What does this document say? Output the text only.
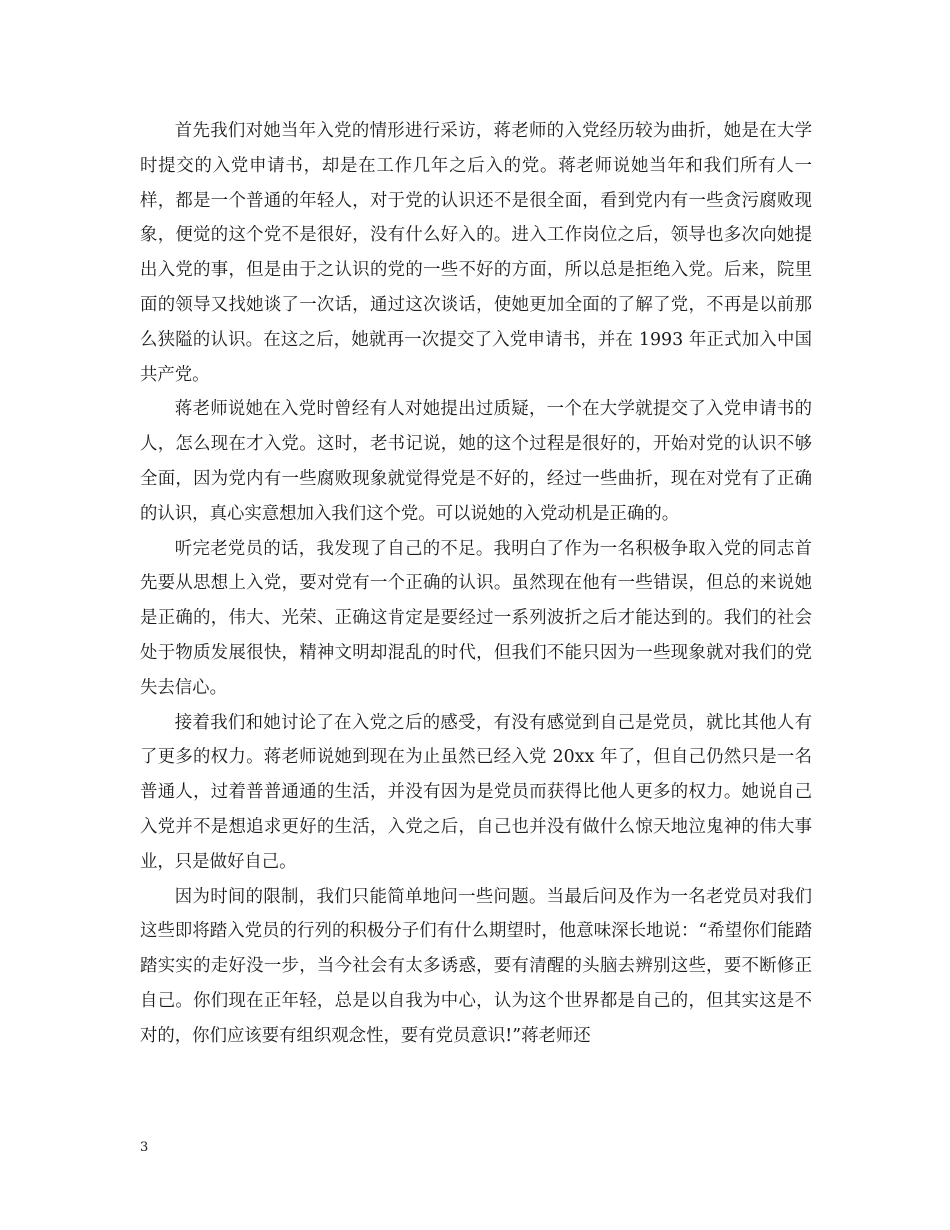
首先我们对她当年入党的情形进行采访，蒋老师的入党经历较为曲折，她是在大学时提交的入党申请书，却是在工作几年之后入的党。蒋老师说她当年和我们所有人一样，都是一个普通的年轻人，对于党的认识还不是很全面，看到党内有一些贪污腐败现象，便觉的这个党不是很好，没有什么好入的。进入工作岗位之后，领导也多次向她提出入党的事，但是由于之认识的党的一些不好的方面，所以总是拒绝入党。后来，院里面的领导又找她谈了一次话，通过这次谈话，使她更加全面的了解了党，不再是以前那么狭隘的认识。在这之后，她就再一次提交了入党申请书，并在 1993 年正式加入中国共产党。

蒋老师说她在入党时曾经有人对她提出过质疑，一个在大学就提交了入党申请书的人，怎么现在才入党。这时，老书记说，她的这个过程是很好的，开始对党的认识不够全面，因为党内有一些腐败现象就觉得党是不好的，经过一些曲折，现在对党有了正确的认识，真心实意想加入我们这个党。可以说她的入党动机是正确的。

听完老党员的话，我发现了自己的不足。我明白了作为一名积极争取入党的同志首先要从思想上入党，要对党有一个正确的认识。虽然现在他有一些错误，但总的来说她是正确的，伟大、光荣、正确这肯定是要经过一系列波折之后才能达到的。我们的社会处于物质发展很快，精神文明却混乱的时代，但我们不能只因为一些现象就对我们的党失去信心。

接着我们和她讨论了在入党之后的感受，有没有感觉到自己是党员，就比其他人有了更多的权力。蒋老师说她到现在为止虽然已经入党 20xx 年了，但自己仍然只是一名普通人，过着普普通通的生活，并没有因为是党员而获得比他人更多的权力。她说自己入党并不是想追求更好的生活，入党之后，自己也并没有做什么惊天地泣鬼神的伟大事业，只是做好自己。

因为时间的限制，我们只能简单地问一些问题。当最后问及作为一名老党员对我们这些即将踏入党员的行列的积极分子们有什么期望时，他意味深长地说：“希望你们能踏踏实实的走好没一步，当今社会有太多诱惑，要有清醒的头脑去辨别这些，要不断修正自己。你们现在正年轻，总是以自我为中心，认为这个世界都是自己的，但其实这是不对的，你们应该要有组织观念性，要有党员意识!”蒋老师还

3
